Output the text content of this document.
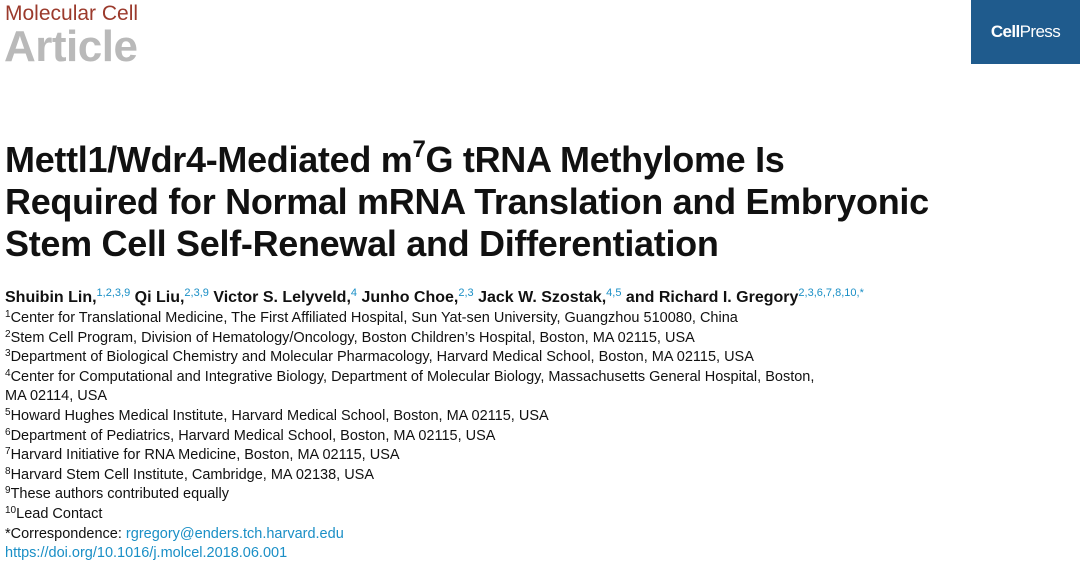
Molecular Cell
Article	CellPress
Mettl1/Wdr4-Mediated $m^7G$ tRNA Methylome Is
Required for Normal mRNA Translation and Embryonic
Stem Cell Self-Renewal and Differentiation
Shuibin Lin,$^{1,2,3,9}$ Qi Liu,$^{2,3,9}$ Victor S. Lelyveld,$^4$ Junho Choe,$^{2,3}$ Jack W. Szostak,$^{4,5}$ and Richard I. Gregory$^{2,3,6,7,8,10,*}$
$^1$Center for Translational Medicine, The First Affiliated Hospital, Sun Yat-sen University, Guangzhou 510080, China
$^2$Stem Cell Program, Division of Hematology/Oncology, Boston Children’s Hospital, Boston, MA 02115, USA
$^3$Department of Biological Chemistry and Molecular Pharmacology, Harvard Medical School, Boston, MA 02115, USA
$^4$Center for Computational and Integrative Biology, Department of Molecular Biology, Massachusetts General Hospital, Boston,
MA 02114, USA
$^5$Howard Hughes Medical Institute, Harvard Medical School, Boston, MA 02115, USA
$^6$Department of Pediatrics, Harvard Medical School, Boston, MA 02115, USA
$^7$Harvard Initiative for RNA Medicine, Boston, MA 02115, USA
$^8$Harvard Stem Cell Institute, Cambridge, MA 02138, USA
$^9$These authors contributed equally
$^{10}$Lead Contact
*Correspondence: rgregory@enders.tch.harvard.edu
https://doi.org/10.1016/j.molcel.2018.06.001
